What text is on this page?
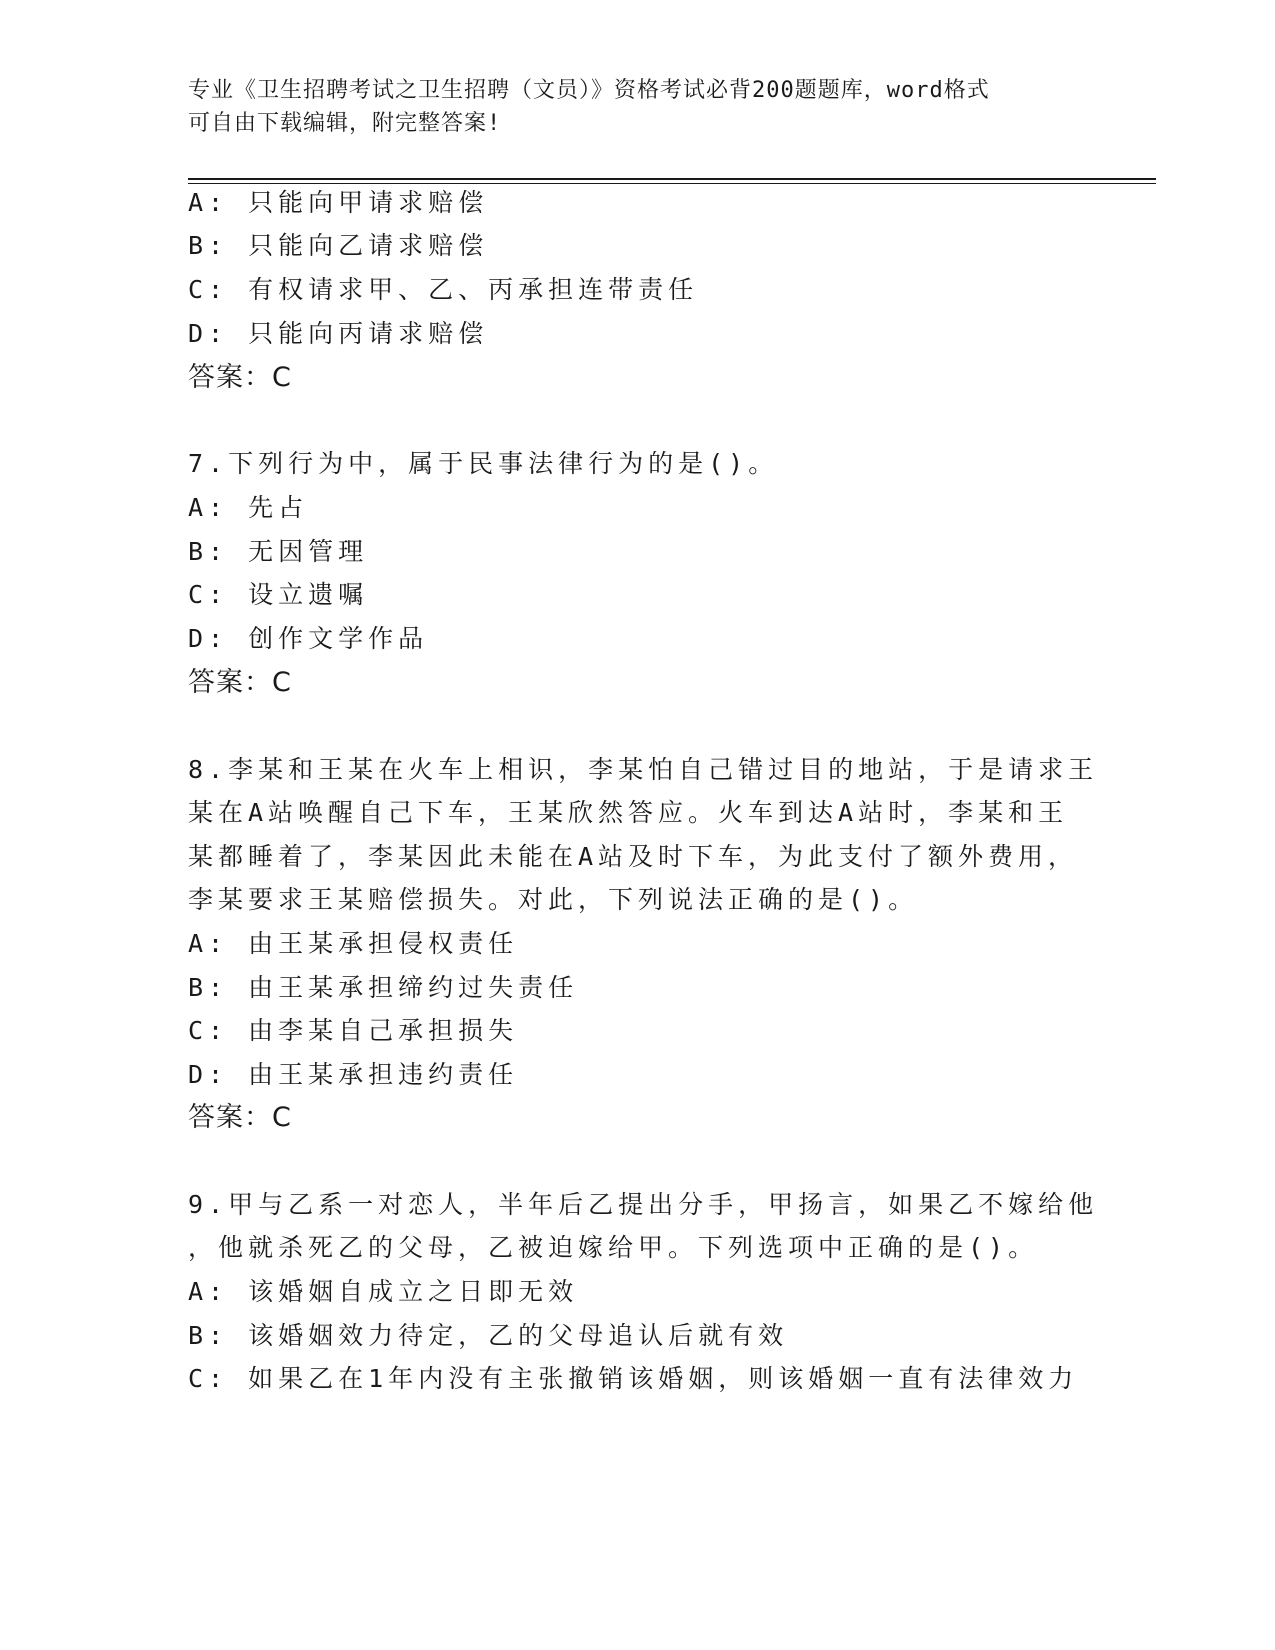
专业《卫生招聘考试之卫生招聘（文员）》资格考试必背200题题库，word格式
可自由下载编辑，附完整答案!
A: 只能向甲请求赔偿
B: 只能向乙请求赔偿
C: 有权请求甲、乙、丙承担连带责任
D: 只能向丙请求赔偿
答案：C
7.下列行为中，属于民事法律行为的是()。
A: 先占
B: 无因管理
C: 设立遗嘱
D: 创作文学作品
答案：C
8.李某和王某在火车上相识，李某怕自己错过目的地站，于是请求王
某在A站唤醒自己下车，王某欣然答应。火车到达A站时，李某和王
某都睡着了，李某因此未能在A站及时下车，为此支付了额外费用，
李某要求王某赔偿损失。对此，下列说法正确的是()。
A: 由王某承担侵权责任
B: 由王某承担缔约过失责任
C: 由李某自己承担损失
D: 由王某承担违约责任
答案：C
9.甲与乙系一对恋人，半年后乙提出分手，甲扬言，如果乙不嫁给他
，他就杀死乙的父母，乙被迫嫁给甲。下列选项中正确的是()。
A: 该婚姻自成立之日即无效
B: 该婚姻效力待定，乙的父母追认后就有效
C: 如果乙在1年内没有主张撤销该婚姻，则该婚姻一直有法律效力
